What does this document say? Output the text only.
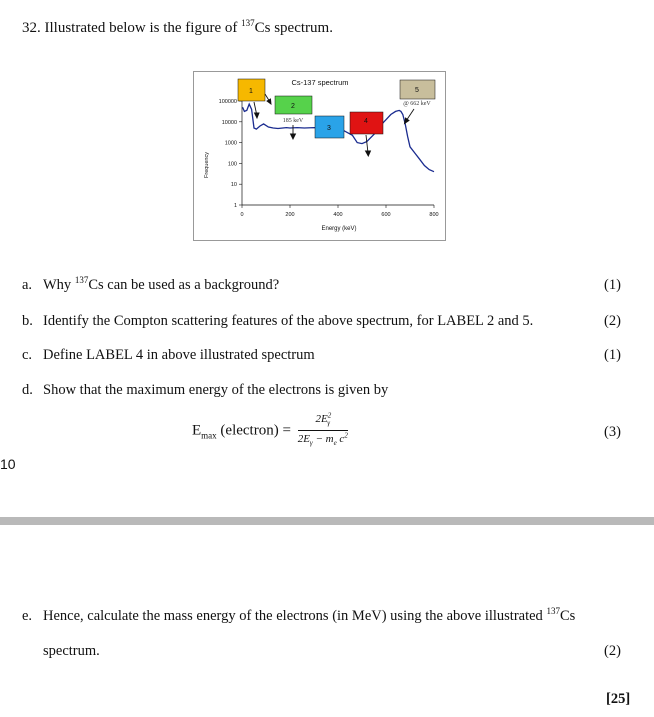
32. Illustrated below is the figure of $^{137}$Cs spectrum.
Cs-137 spectrum
1
10
100
1000
10000
100000
0	200	400	600	800
Energy (keV)
Frequency
1
2
185 keV
3
4
5
@ 662 keV
a. Why $^{137}$Cs can be used as a background?	(1)
b. Identify the Compton scattering features of the above spectrum, for LABEL 2 and 5.	(2)
c. Define LABEL 4 in above illustrated spectrum	(1)
d. Show that the maximum energy of the electrons is given by
$E_{max}$ (electron) = $\frac{2E^2_\gamma}{2E_\gamma - m_e c^2}$	(3)
10
e. Hence, calculate the mass energy of the electrons (in MeV) using the above illustrated $^{137}$Cs
spectrum.	(2)
[25]
